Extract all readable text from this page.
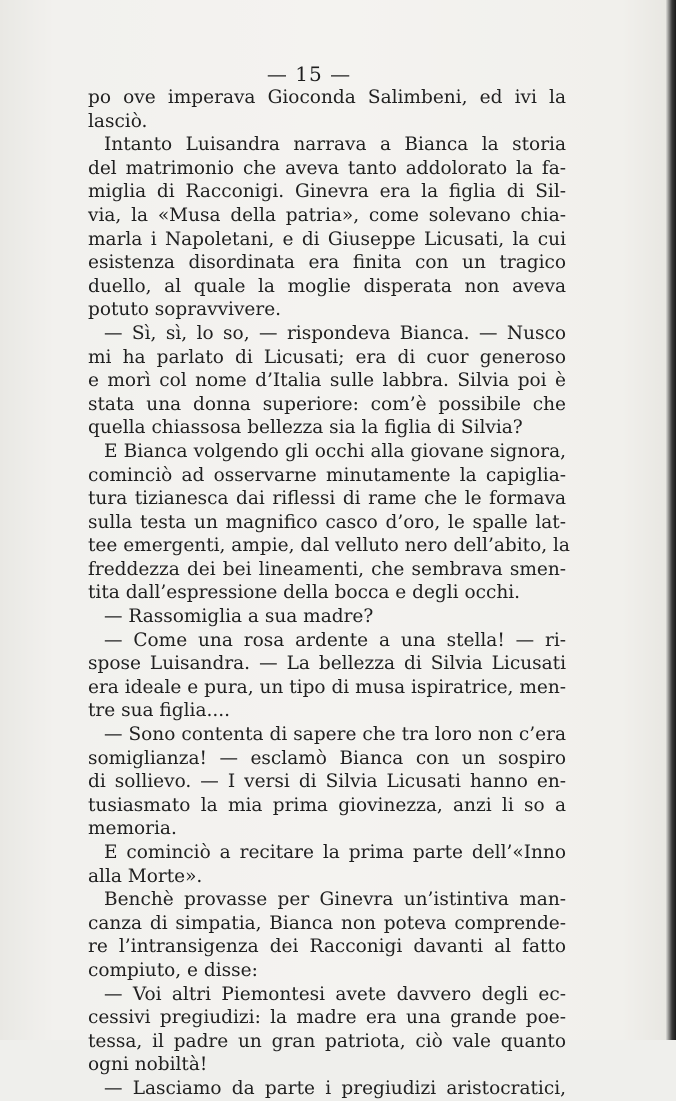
— 15 —
po ove imperava Gioconda Salimbeni, ed ivi la
lasciò.
Intanto Luisandra narrava a Bianca la storia
del matrimonio che aveva tanto addolorato la fa-
miglia di Racconigi. Ginevra era la figlia di Sil-
via, la «Musa della patria», come solevano chia-
marla i Napoletani, e di Giuseppe Licusati, la cui
esistenza disordinata era finita con un tragico
duello, al quale la moglie disperata non aveva
potuto sopravvivere.
— Sì, sì, lo so, — rispondeva Bianca. — Nusco
mi ha parlato di Licusati; era di cuor generoso
e morì col nome d’Italia sulle labbra. Silvia poi è
stata una donna superiore: com’è possibile che
quella chiassosa bellezza sia la figlia di Silvia?
E Bianca volgendo gli occhi alla giovane signora,
cominciò ad osservarne minutamente la capiglia-
tura tizianesca dai riflessi di rame che le formava
sulla testa un magnifico casco d’oro, le spalle lat-
tee emergenti, ampie, dal velluto nero dell’abito, la
freddezza dei bei lineamenti, che sembrava smen-
tita dall’espressione della bocca e degli occhi.
— Rassomiglia a sua madre?
— Come una rosa ardente a una stella! — ri-
spose Luisandra. — La bellezza di Silvia Licusati
era ideale e pura, un tipo di musa ispiratrice, men-
tre sua figlia....
— Sono contenta di sapere che tra loro non c’era
somiglianza! — esclamò Bianca con un sospiro
di sollievo. — I versi di Silvia Licusati hanno en-
tusiasmato la mia prima giovinezza, anzi li so a
memoria.
E cominciò a recitare la prima parte dell’«Inno
alla Morte».
Benchè provasse per Ginevra un’istintiva man-
canza di simpatia, Bianca non poteva comprende-
re l’intransigenza dei Racconigi davanti al fatto
compiuto, e disse:
— Voi altri Piemontesi avete davvero degli ec-
cessivi pregiudizi: la madre era una grande poe-
tessa, il padre un gran patriota, ciò vale quanto
ogni nobiltà!
— Lasciamo da parte i pregiudizi aristocratici,
